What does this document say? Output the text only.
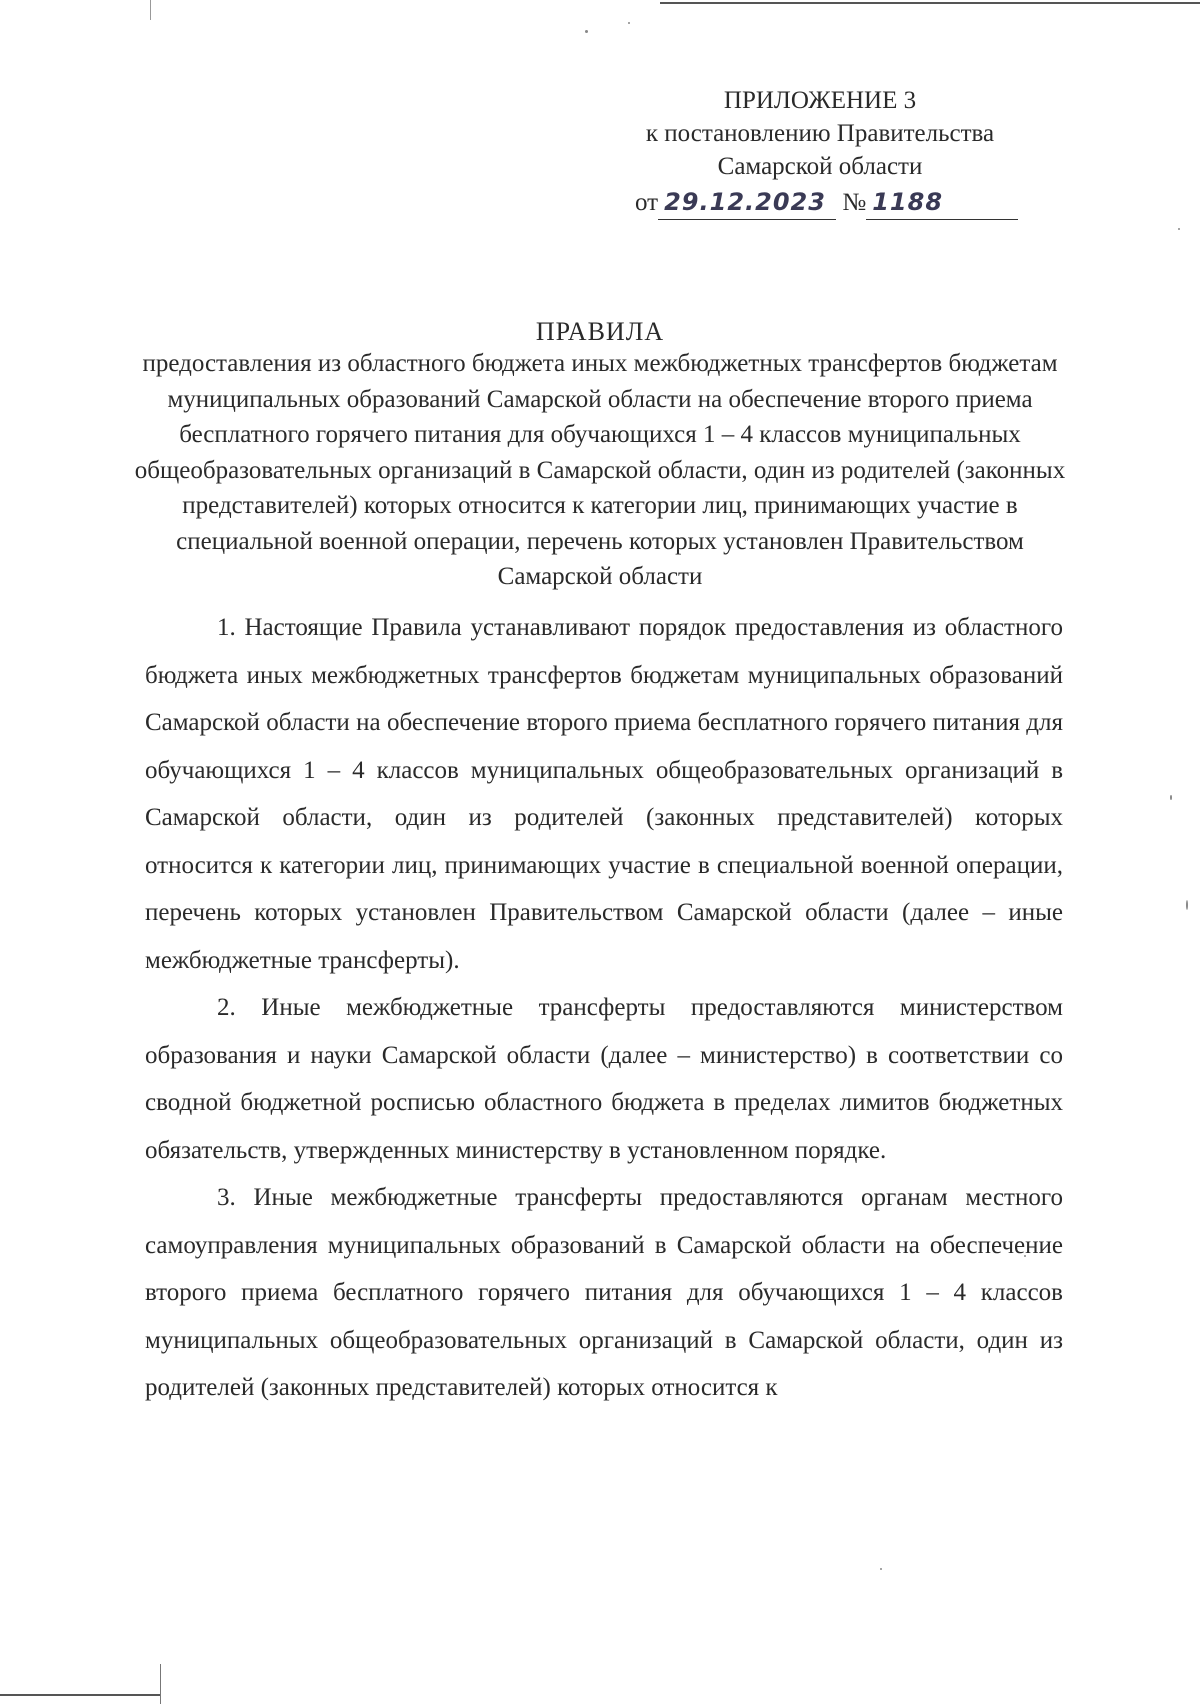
ПРИЛОЖЕНИЕ 3
к постановлению Правительства
Самарской области
от 29.12.2023 № 1188
ПРАВИЛА
предоставления из областного бюджета иных межбюджетных трансфертов бюджетам муниципальных образований Самарской области на обеспечение второго приема бесплатного горячего питания для обучающихся 1 – 4 классов муниципальных общеобразовательных организаций в Самарской области, один из родителей (законных представителей) которых относится к категории лиц, принимающих участие в специальной военной операции, перечень которых установлен Правительством Самарской области

1. Настоящие Правила устанавливают порядок предоставления из областного бюджета иных межбюджетных трансфертов бюджетам муниципальных образований Самарской области на обеспечение второго приема бесплатного горячего питания для обучающихся 1 – 4 классов муниципальных общеобразовательных организаций в Самарской области, один из родителей (законных представителей) которых относится к категории лиц, принимающих участие в специальной военной операции, перечень которых установлен Правительством Самарской области (далее – иные межбюджетные трансферты).

2. Иные межбюджетные трансферты предоставляются министерством образования и науки Самарской области (далее – министерство) в соответствии со сводной бюджетной росписью областного бюджета в пределах лимитов бюджетных обязательств, утвержденных министерству в установленном порядке.

3. Иные межбюджетные трансферты предоставляются органам местного самоуправления муниципальных образований в Самарской области на обеспечение второго приема бесплатного горячего питания для обучающихся 1 – 4 классов муниципальных общеобразовательных организаций в Самарской области, один из родителей (законных представителей) которых относится к
